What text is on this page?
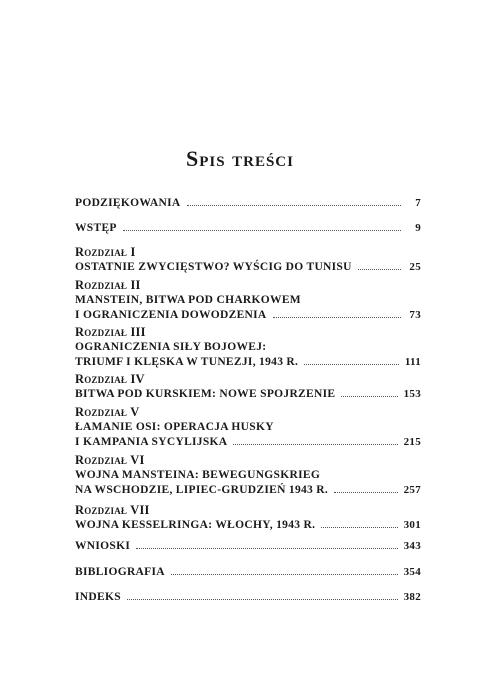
Spis treści
PODZIĘKOWANIA	7
WSTĘP	9
Rozdział I
OSTATNIE ZWYCIĘSTWO? WYŚCIG DO TUNISU	25
Rozdział II
MANSTEIN, BITWA POD CHARKOWEM
I OGRANICZENIA DOWODZENIA	73
Rozdział III
OGRANICZENIA SIŁY BOJOWEJ:
TRIUMF I KLĘSKA W TUNEZJI, 1943 R.	111
Rozdział IV
BITWA POD KURSKIEM: NOWE SPOJRZENIE	153
Rozdział V
ŁAMANIE OSI: OPERACJA HUSKY
I KAMPANIA SYCYLIJSKA	215
Rozdział VI
WOJNA MANSTEINA: BEWEGUNGSKRIEG
NA WSCHODZIE, LIPIEC-GRUDZIEŃ 1943 R.	257
Rozdział VII
WOJNA KESSELRINGA: WŁOCHY, 1943 R.	301
WNIOSKI	343
BIBLIOGRAFIA	354
INDEKS	382
